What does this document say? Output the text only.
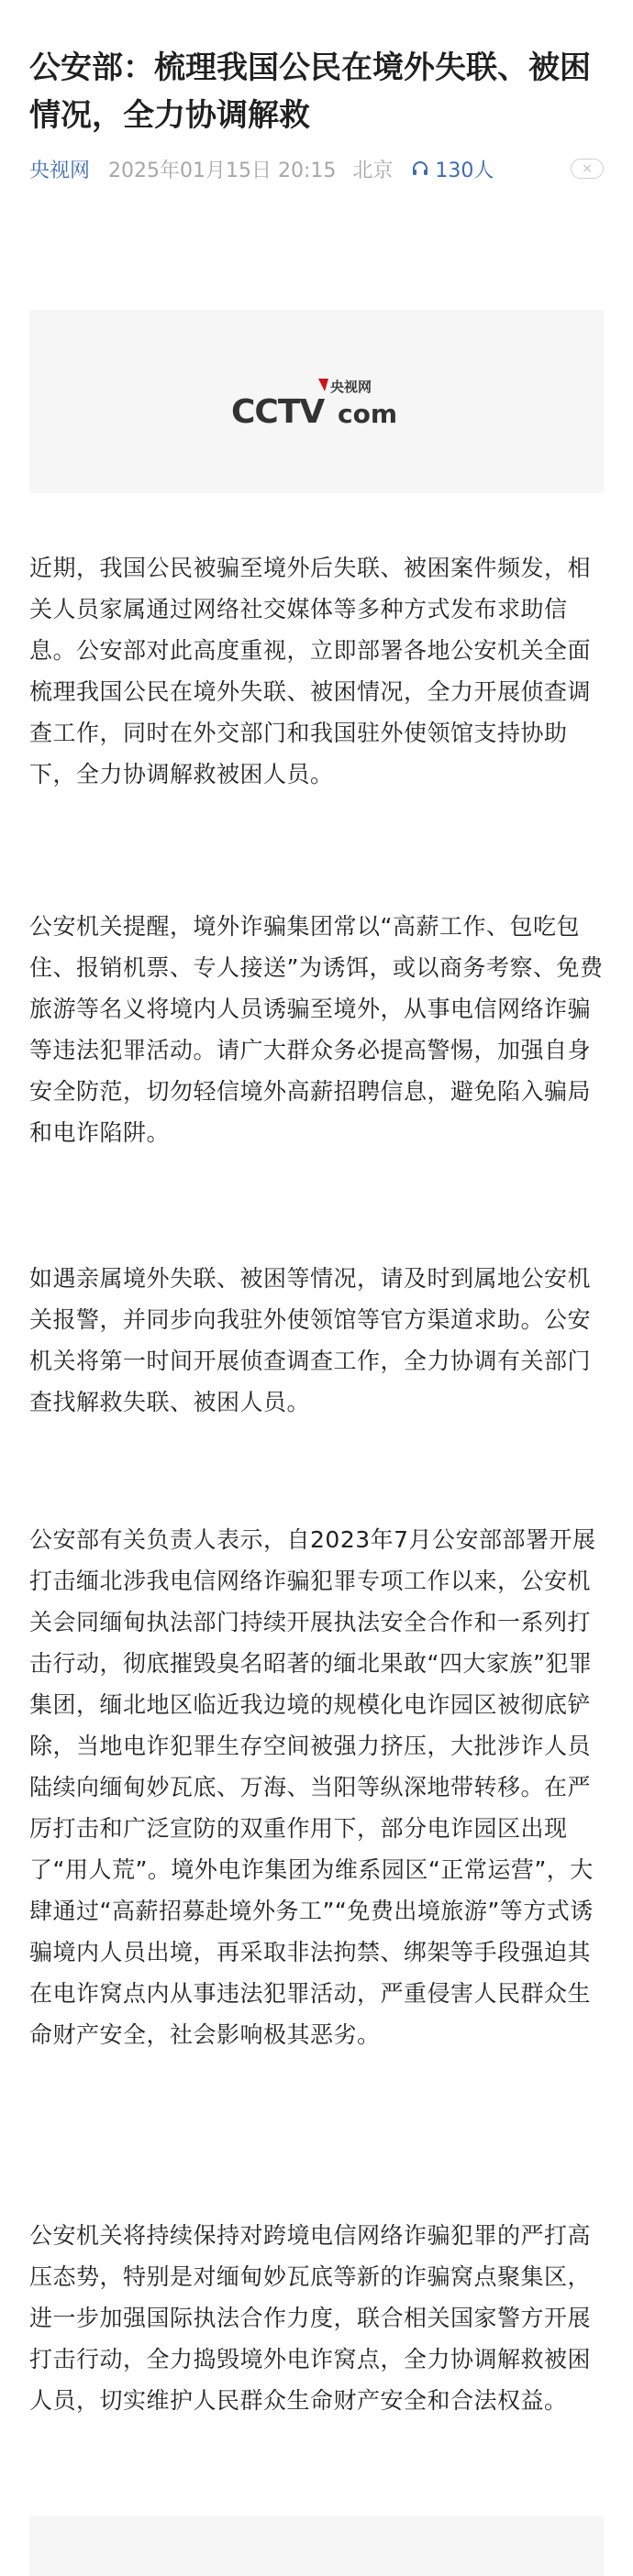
公安部：梳理我国公民在境外失联、被困情况，全力协调解救
央视网 2025年01月15日 20:15 北京 130人	×
央视网
CCTV com

近期，我国公民被骗至境外后失联、被困案件频发，相关人员家属通过网络社交媒体等多种方式发布求助信息。公安部对此高度重视，立即部署各地公安机关全面梳理我国公民在境外失联、被困情况，全力开展侦查调查工作，同时在外交部门和我国驻外使领馆支持协助下，全力协调解救被困人员。

公安机关提醒，境外诈骗集团常以“高薪工作、包吃包住、报销机票、专人接送”为诱饵，或以商务考察、免费旅游等名义将境内人员诱骗至境外，从事电信网络诈骗等违法犯罪活动。请广大群众务必提高警惕，加强自身安全防范，切勿轻信境外高薪招聘信息，避免陷入骗局和电诈陷阱。

如遇亲属境外失联、被困等情况，请及时到属地公安机关报警，并同步向我驻外使领馆等官方渠道求助。公安机关将第一时间开展侦查调查工作，全力协调有关部门查找解救失联、被困人员。

公安部有关负责人表示，自2023年7月公安部部署开展打击缅北涉我电信网络诈骗犯罪专项工作以来，公安机关会同缅甸执法部门持续开展执法安全合作和一系列打击行动，彻底摧毁臭名昭著的缅北果敢“四大家族”犯罪集团，缅北地区临近我边境的规模化电诈园区被彻底铲除，当地电诈犯罪生存空间被强力挤压，大批涉诈人员陆续向缅甸妙瓦底、万海、当阳等纵深地带转移。在严厉打击和广泛宣防的双重作用下，部分电诈园区出现了“用人荒”。境外电诈集团为维系园区“正常运营”，大肆通过“高薪招募赴境外务工”“免费出境旅游”等方式诱骗境内人员出境，再采取非法拘禁、绑架等手段强迫其在电诈窝点内从事违法犯罪活动，严重侵害人民群众生命财产安全，社会影响极其恶劣。

公安机关将持续保持对跨境电信网络诈骗犯罪的严打高压态势，特别是对缅甸妙瓦底等新的诈骗窝点聚集区，进一步加强国际执法合作力度，联合相关国家警方开展打击行动，全力捣毁境外电诈窝点，全力协调解救被困人员，切实维护人民群众生命财产安全和合法权益。
